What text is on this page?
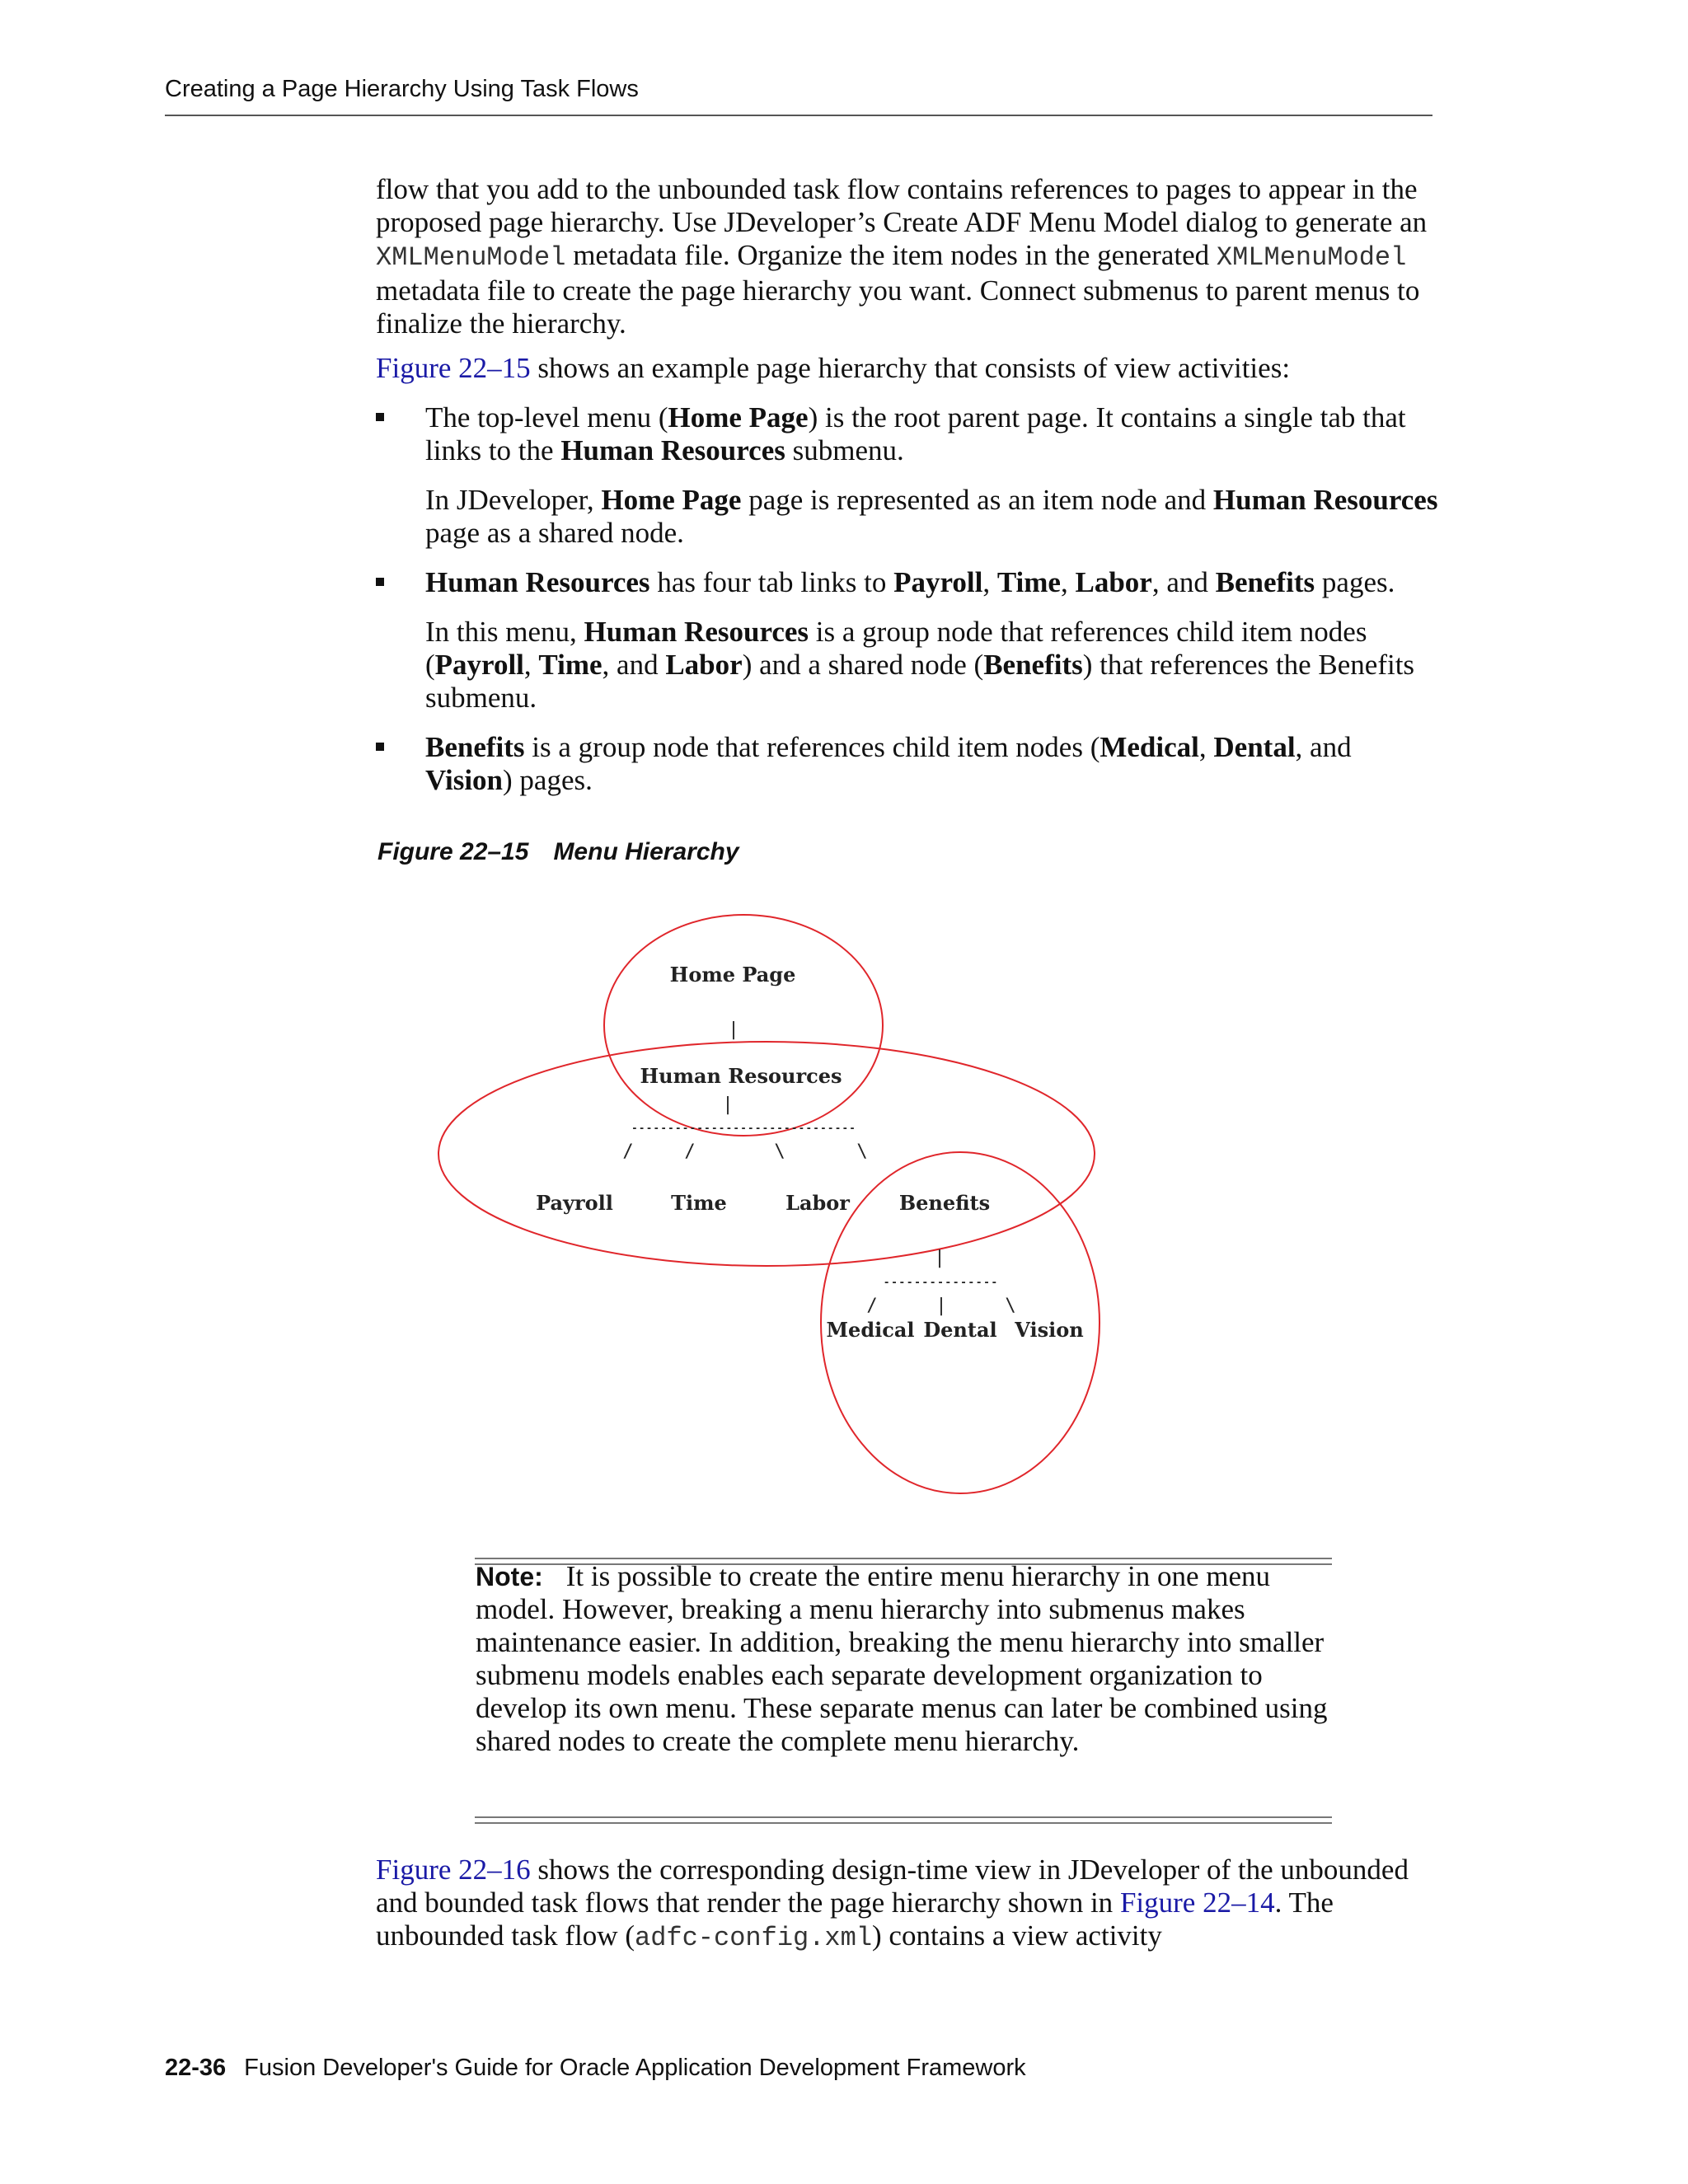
Creating a Page Hierarchy Using Task Flows
flow that you add to the unbounded task flow contains references to pages to appear in the proposed page hierarchy. Use JDeveloper’s Create ADF Menu Model dialog to generate an XMLMenuModel metadata file. Organize the item nodes in the generated XMLMenuModel metadata file to create the page hierarchy you want. Connect submenus to parent menus to finalize the hierarchy.
Figure 22–15 shows an example page hierarchy that consists of view activities:
The top-level menu (Home Page) is the root parent page. It contains a single tab that links to the Human Resources submenu.
In JDeveloper, Home Page page is represented as an item node and Human Resources page as a shared node.
Human Resources has four tab links to Payroll, Time, Labor, and Benefits pages.
In this menu, Human Resources is a group node that references child item nodes (Payroll, Time, and Labor) and a shared node (Benefits) that references the Benefits submenu.
Benefits is a group node that references child item nodes (Medical, Dental, and Vision) pages.
Figure 22–15 Menu Hierarchy
Home Page
|
Human Resources
|
-------------------------------
/	/	\	\
Payroll	Time	Labor Benefits
|
---------------
/	|	\
Medical Dental Vision
Note: It is possible to create the entire menu hierarchy in one menu model. However, breaking a menu hierarchy into submenus makes maintenance easier. In addition, breaking the menu hierarchy into smaller submenu models enables each separate development organization to develop its own menu. These separate menus can later be combined using shared nodes to create the complete menu hierarchy.
Figure 22–16 shows the corresponding design-time view in JDeveloper of the unbounded and bounded task flows that render the page hierarchy shown in Figure 22–14. The unbounded task flow (adfc-config.xml) contains a view activity
22-36 Fusion Developer's Guide for Oracle Application Development Framework
